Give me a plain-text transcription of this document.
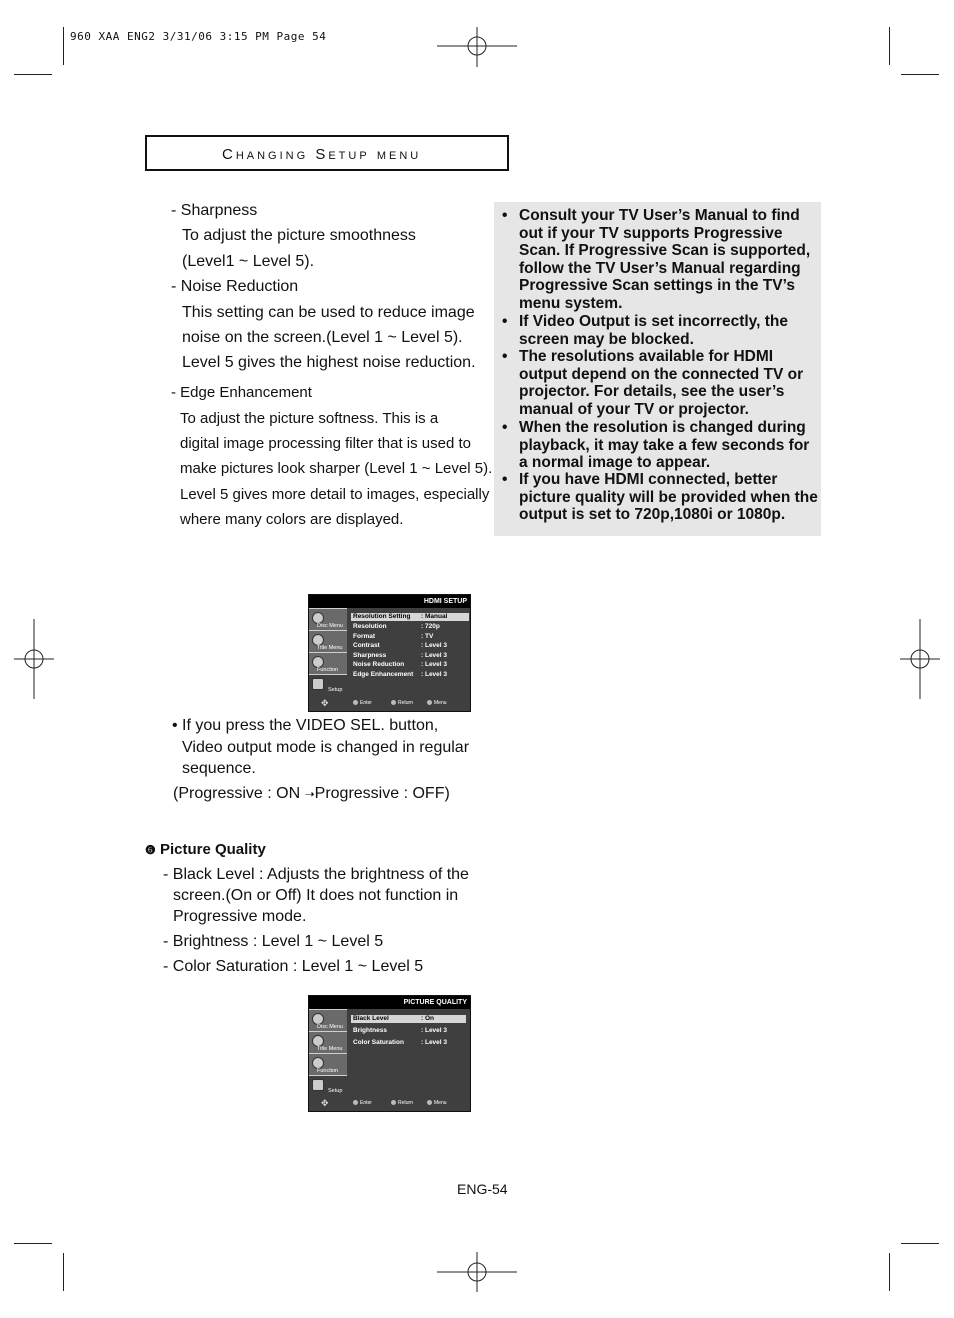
960 XAA ENG2 3/31/06 3:15 PM Page 54
Changing Setup menu
- Sharpness
To adjust the picture smoothness
(Level1 ~ Level 5).
- Noise Reduction
This setting can be used to reduce image
noise on the screen.(Level 1 ~ Level 5).
Level 5 gives the highest noise reduction.
- Edge Enhancement
To adjust the picture softness. This is a
digital image processing filter that is used to
make pictures look sharper (Level 1 ~ Level 5).
Level 5 gives more detail to images, especially
where many colors are displayed.
• Consult your TV User’s Manual to find out if your TV supports Progressive Scan. If Progressive Scan is supported, follow the TV User’s Manual regarding Progressive Scan settings in the TV’s menu system.
• If Video Output is set incorrectly, the screen may be blocked.
• The resolutions available for HDMI output depend on the connected TV or projector. For details, see the user’s manual of your TV or projector.
• When the resolution is changed during playback, it may take a few seconds for a normal image to appear.
• If you have HDMI connected, better picture quality will be provided when the output is set to 720p,1080i or 1080p.
HDMI SETUP
Disc Menu
Title Menu
Function
Setup
Resolution Setting : Manual
Resolution	: 720p
Format	: TV
Contrast	: Level 3
Sharpness	: Level 3
Noise Reduction	: Level 3
Edge Enhancement : Level 3
✥	Enter	Return	Menu
• If you press the VIDEO SEL. button,
Video output mode is changed in regular
sequence.
(Progressive : ON ➝Progressive : OFF)
❻ Picture Quality
- Black Level : Adjusts the brightness of the
screen.(On or Off) It does not function in
Progressive mode.
- Brightness : Level 1 ~ Level 5
- Color Saturation : Level 1 ~ Level 5
PICTURE QUALITY
Disc Menu
Title Menu
Function
Setup
Black Level	: On
Brightness	: Level 3
Color Saturation	: Level 3
✥	Enter	Return	Menu
ENG-54
